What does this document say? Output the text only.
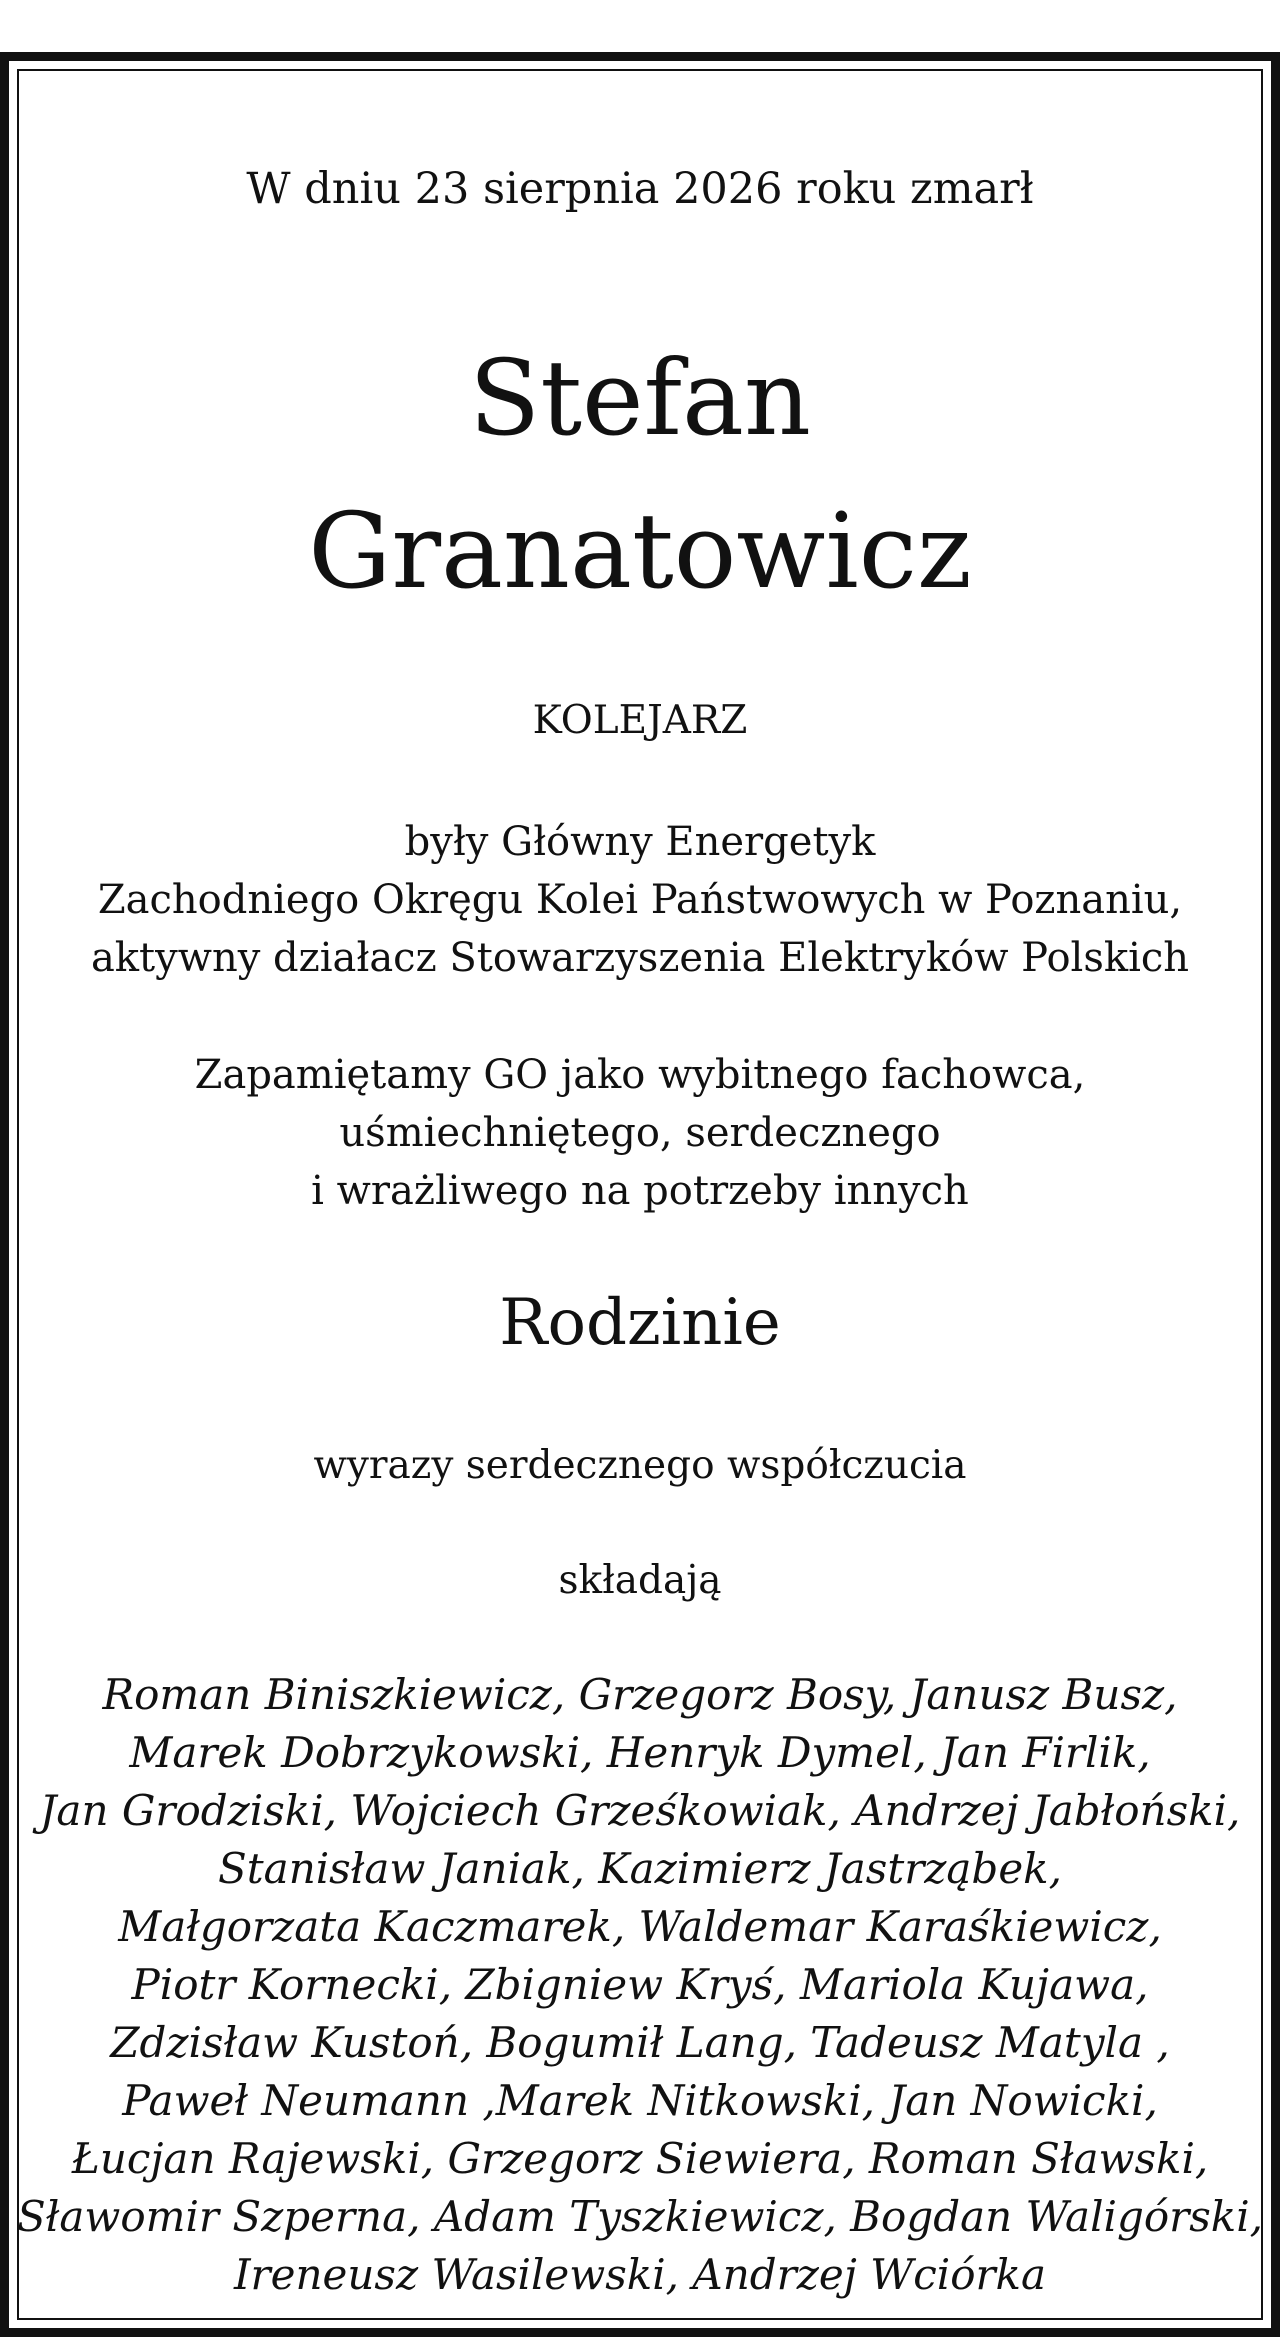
W dniu 23 sierpnia 2026 roku zmarł

Stefan

Granatowicz

KOLEJARZ

były Główny Energetyk
Zachodniego Okręgu Kolei Państwowych w Poznaniu,
aktywny działacz Stowarzyszenia Elektryków Polskich
Zapamiętamy GO jako wybitnego fachowca,
uśmiechniętego, serdecznego
i wrażliwego na potrzeby innych

Rodzinie

wyrazy serdecznego współczucia

składają

Roman Biniszkiewicz, Grzegorz Bosy, Janusz Busz,
Marek Dobrzykowski, Henryk Dymel, Jan Firlik,
Jan Grodziski, Wojciech Grześkowiak, Andrzej Jabłoński,
Stanisław Janiak, Kazimierz Jastrząbek,
Małgorzata Kaczmarek, Waldemar Karaśkiewicz,
Piotr Kornecki, Zbigniew Kryś, Mariola Kujawa,
Zdzisław Kustoń, Bogumił Lang, Tadeusz Matyla ,
Paweł Neumann ,Marek Nitkowski, Jan Nowicki,
Łucjan Rajewski, Grzegorz Siewiera, Roman Sławski,
Sławomir Szperna, Adam Tyszkiewicz, Bogdan Waligórski,
Ireneusz Wasilewski, Andrzej Wciórka
